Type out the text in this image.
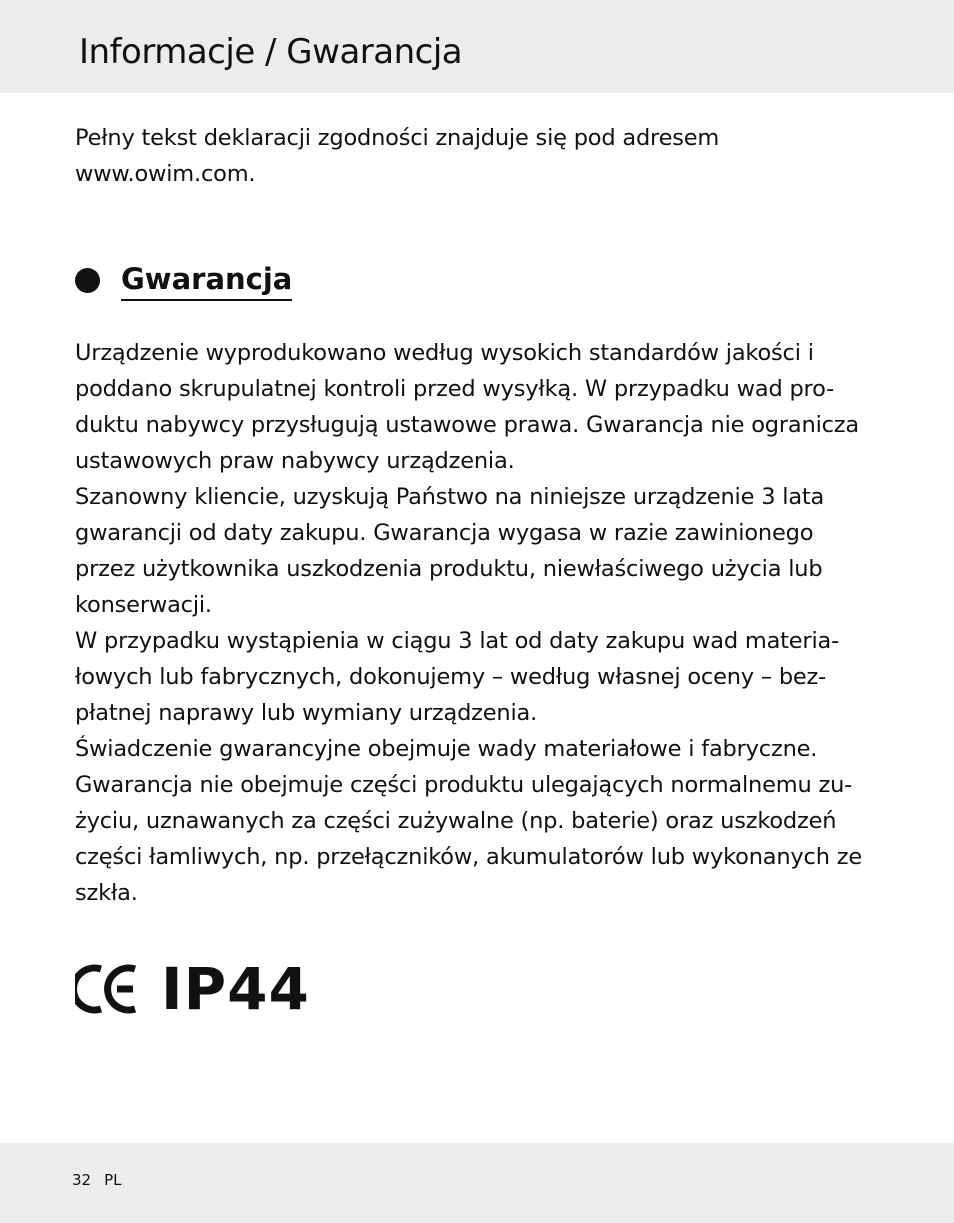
Informacje / Gwarancja

Pełny tekst deklaracji zgodności znajduje się pod adresem
www.owim.com.

Gwarancja

Urządzenie wyprodukowano według wysokich standardów jakości i
poddano skrupulatnej kontroli przed wysyłką. W przypadku wad pro-
duktu nabywcy przysługują ustawowe prawa. Gwarancja nie ogranicza
ustawowych praw nabywcy urządzenia.
Szanowny kliencie, uzyskują Państwo na niniejsze urządzenie 3 lata
gwarancji od daty zakupu. Gwarancja wygasa w razie zawinionego
przez użytkownika uszkodzenia produktu, niewłaściwego użycia lub
konserwacji.
W przypadku wystąpienia w ciągu 3 lat od daty zakupu wad materia-
łowych lub fabrycznych, dokonujemy – według własnej oceny – bez-
płatnej naprawy lub wymiany urządzenia.
Świadczenie gwarancyjne obejmuje wady materiałowe i fabryczne.
Gwarancja nie obejmuje części produktu ulegających normalnemu zu-
życiu, uznawanych za części zużywalne (np. baterie) oraz uszkodzeń
części łamliwych, np. przełączników, akumulatorów lub wykonanych ze
szkła.

IP44
32 PL
